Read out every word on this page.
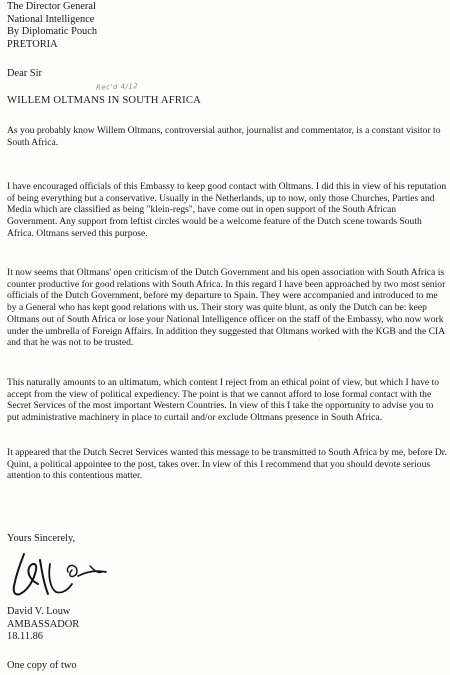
The Director General
National Intelligence
By Diplomatic Pouch
PRETORIA

Dear Sir

Rec'd 4/12

WILLEM OLTMANS IN SOUTH AFRICA

As you probably know Willem Oltmans, controversial author, journalist and commentator, is a constant visitor to South Africa.

I have encouraged officials of this Embassy to keep good contact with Oltmans. I did this in view of his reputation of being everything but a conservative. Usually in the Netherlands, up to now, only those Churches, Parties and Media which are classified as being "klein-regs", have come out in open support of the South African Government. Any support from leftist circles would be a welcome feature of the Dutch scene towards South Africa. Oltmans served this purpose.

It now seems that Oltmans' open criticism of the Dutch Government and his open association with South Africa is counter productive for good relations with South Africa. In this regard I have been approached by two most senior officials of the Dutch Government, before my departure to Spain. They were accompanied and introduced to me by a General who has kept good relations with us. Their story was quite blunt, as only the Dutch can be: keep Oltmans out of South Africa or lose your National Intelligence officer on the staff of the Embassy, who now work under the umbrella of Foreign Affairs. In addition they suggested that Oltmans worked with the KGB and the CIA and that he was not to be trusted.

This naturally amounts to an ultimatum, which content I reject from an ethical point of view, but which I have to accept from the view of political expediency. The point is that we cannot afford to lose formal contact with the Secret Services of the most important Western Countries. In view of this I take the opportunity to advise you to put administrative machinery in place to curtail and/or exclude Oltmans presence in South Africa.

It appeared that the Dutch Secret Services wanted this message to be transmitted to South Africa by me, before Dr. Quint, a political appointee to the post, takes over. In view of this I recommend that you should devote serious attention to this contentious matter.

Yours Sincerely,

David V. Louw
AMBASSADOR
18.11.86

One copy of two
